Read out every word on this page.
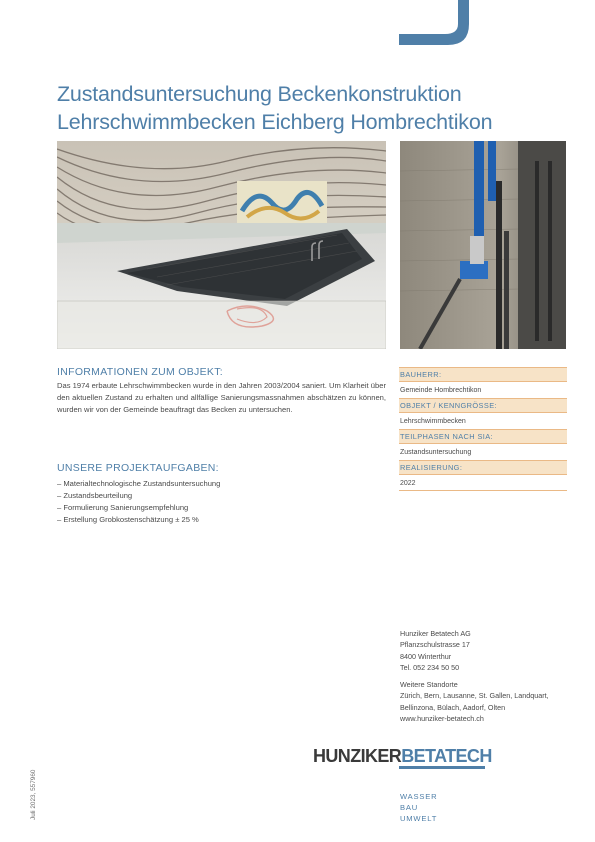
Zustandsuntersuchung Beckenkonstruktion
Lehrschwimmbecken Eichberg Hombrechtikon
INFORMATIONEN ZUM OBJEKT:

Das 1974 erbaute Lehrschwimmbecken wurde in den Jahren 2003/2004 saniert. Um Klarheit über den aktuellen Zustand zu erhalten und allfällige Sanierungsmassnahmen abschätzen zu können, wurden wir von der Gemeinde beauftragt das Becken zu untersuchen.

UNSERE PROJEKTAUFGABEN:
– Materialtechnologische Zustandsuntersuchung
– Zustandsbeurteilung
– Formulierung Sanierungsempfehlung
– Erstellung Grobkostenschätzung ± 25 %
BAUHERR:
Gemeinde Hombrechtikon
OBJEKT / KENNGRÖSSE:
Lehrschwimmbecken
TEILPHASEN NACH SIA:
Zustandsuntersuchung
REALISIERUNG:
2022
Hunziker Betatech AG
Pflanzschulstrasse 17
8400 Winterthur
Tel. 052 234 50 50
Weitere Standorte
Zürich, Bern, Lausanne, St. Gallen, Landquart,
Bellinzona, Bülach, Aadorf, Olten
www.hunziker-betatech.ch
HUNZIKERBETATECH
WASSER
BAU
UMWELT
Juli 2023, 557960
